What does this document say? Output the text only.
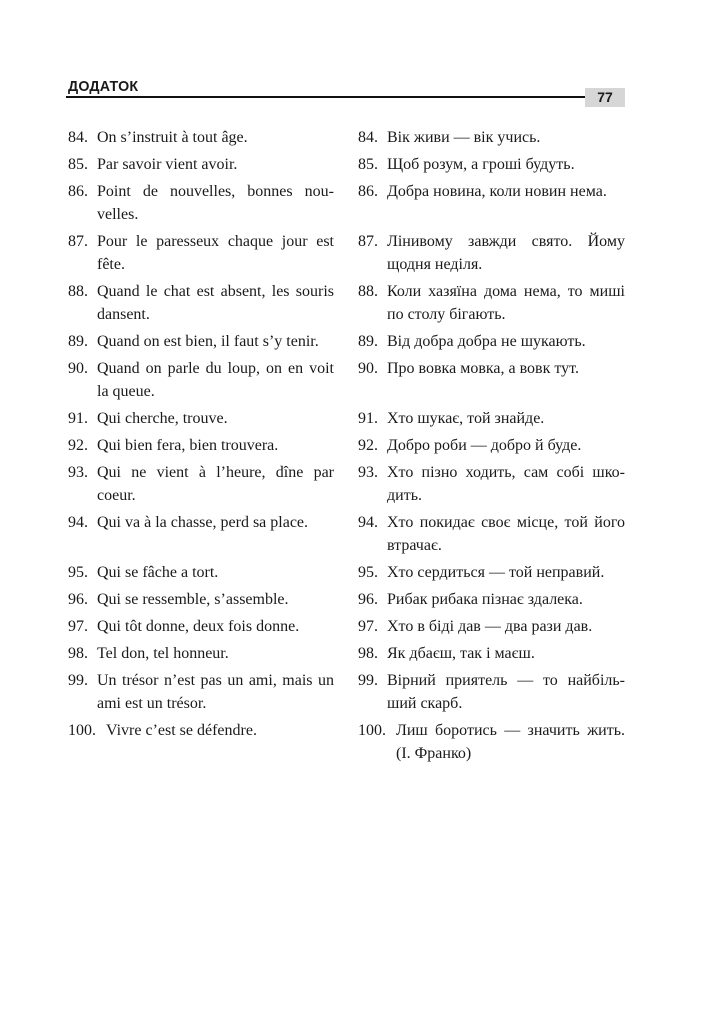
ДОДАТОК
77
84. On s’instruit à tout âge.
85. Par savoir vient avoir.
86. Point de nouvelles, bonnes nou-velles.
87. Pour le paresseux chaque jour est fête.
88. Quand le chat est absent, les souris dansent.
89. Quand on est bien, il faut s’y tenir.
90. Quand on parle du loup, on en voit la queue.
91. Qui cherche, trouve.
92. Qui bien fera, bien trouvera.
93. Qui ne vient à l’heure, dîne par coeur.
94. Qui va à la chasse, perd sa place.
95. Qui se fâche a tort.
96. Qui se ressemble, s’assemble.
97. Qui tôt donne, deux fois donne.
98. Tel don, tel honneur.
99. Un trésor n’est pas un ami, mais un ami est un trésor.
100. Vivre c’est se défendre.
84. Вік живи — вік учись.
85. Щоб розум, а гроші будуть.
86. Добра новина, коли новин нема.
87. Лінивому завжди свято. Йому щодня неділя.
88. Коли хазяїна дома нема, то миші по столу бігають.
89. Від добра добра не шукають.
90. Про вовка мовка, а вовк тут.
91. Хто шукає, той знайде.
92. Добро роби — добро й буде.
93. Хто пізно ходить, сам собі шко-дить.
94. Хто покидає своє місце, той його втрачає.
95. Хто сердиться — той неправий.
96. Рибак рибака пізнає здалека.
97. Хто в біді дав — два рази дав.
98. Як дбаєш, так і маєш.
99. Вірний приятель — то найбіль-ший скарб.
100. Лиш боротись — значить жить. (І. Франко)
